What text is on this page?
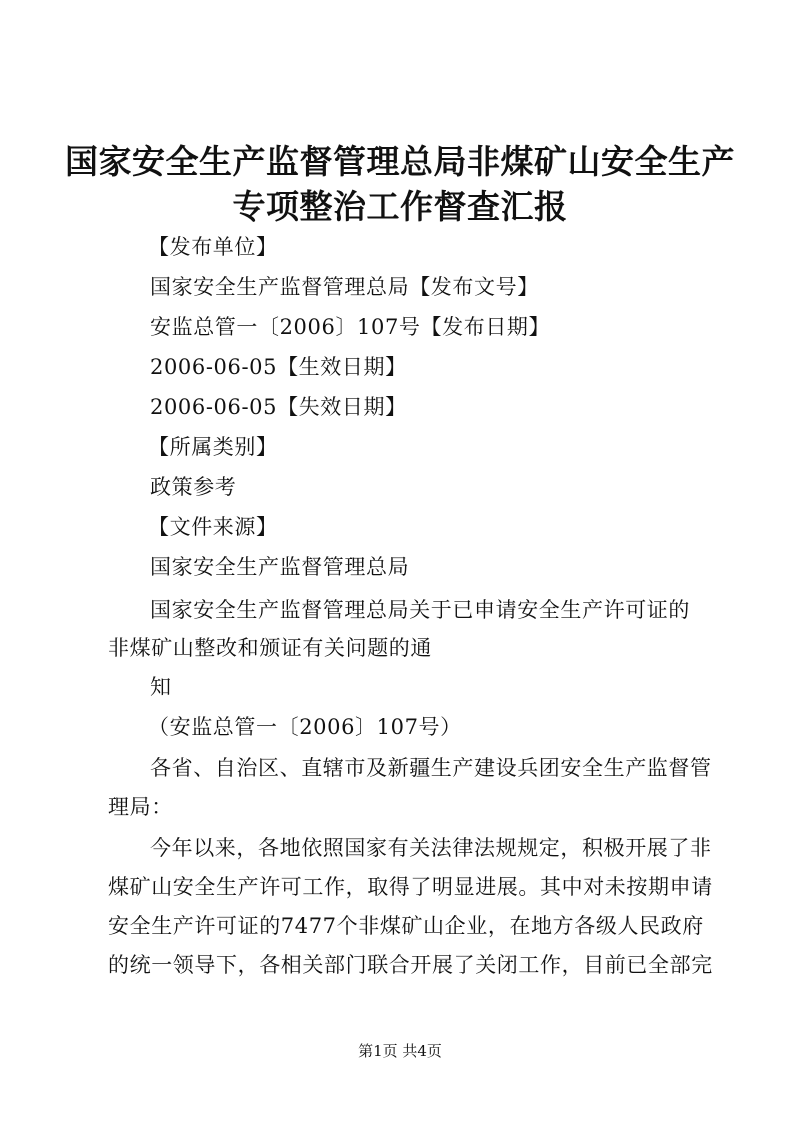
国家安全生产监督管理总局非煤矿山安全生产
专项整治工作督查汇报
【发布单位】
国家安全生产监督管理总局【发布文号】
安监总管一〔2006〕107号【发布日期】
2006-06-05【生效日期】
2006-06-05【失效日期】
【所属类别】
政策参考
【文件来源】
国家安全生产监督管理总局
国家安全生产监督管理总局关于已申请安全生产许可证的
非煤矿山整改和颁证有关问题的通
知
（安监总管一〔2006〕107号）
各省、自治区、直辖市及新疆生产建设兵团安全生产监督管
理局：
今年以来，各地依照国家有关法律法规规定，积极开展了非
煤矿山安全生产许可工作，取得了明显进展。其中对未按期申请
安全生产许可证的7477个非煤矿山企业，在地方各级人民政府
的统一领导下，各相关部门联合开展了关闭工作，目前已全部完
第1页 共4页
